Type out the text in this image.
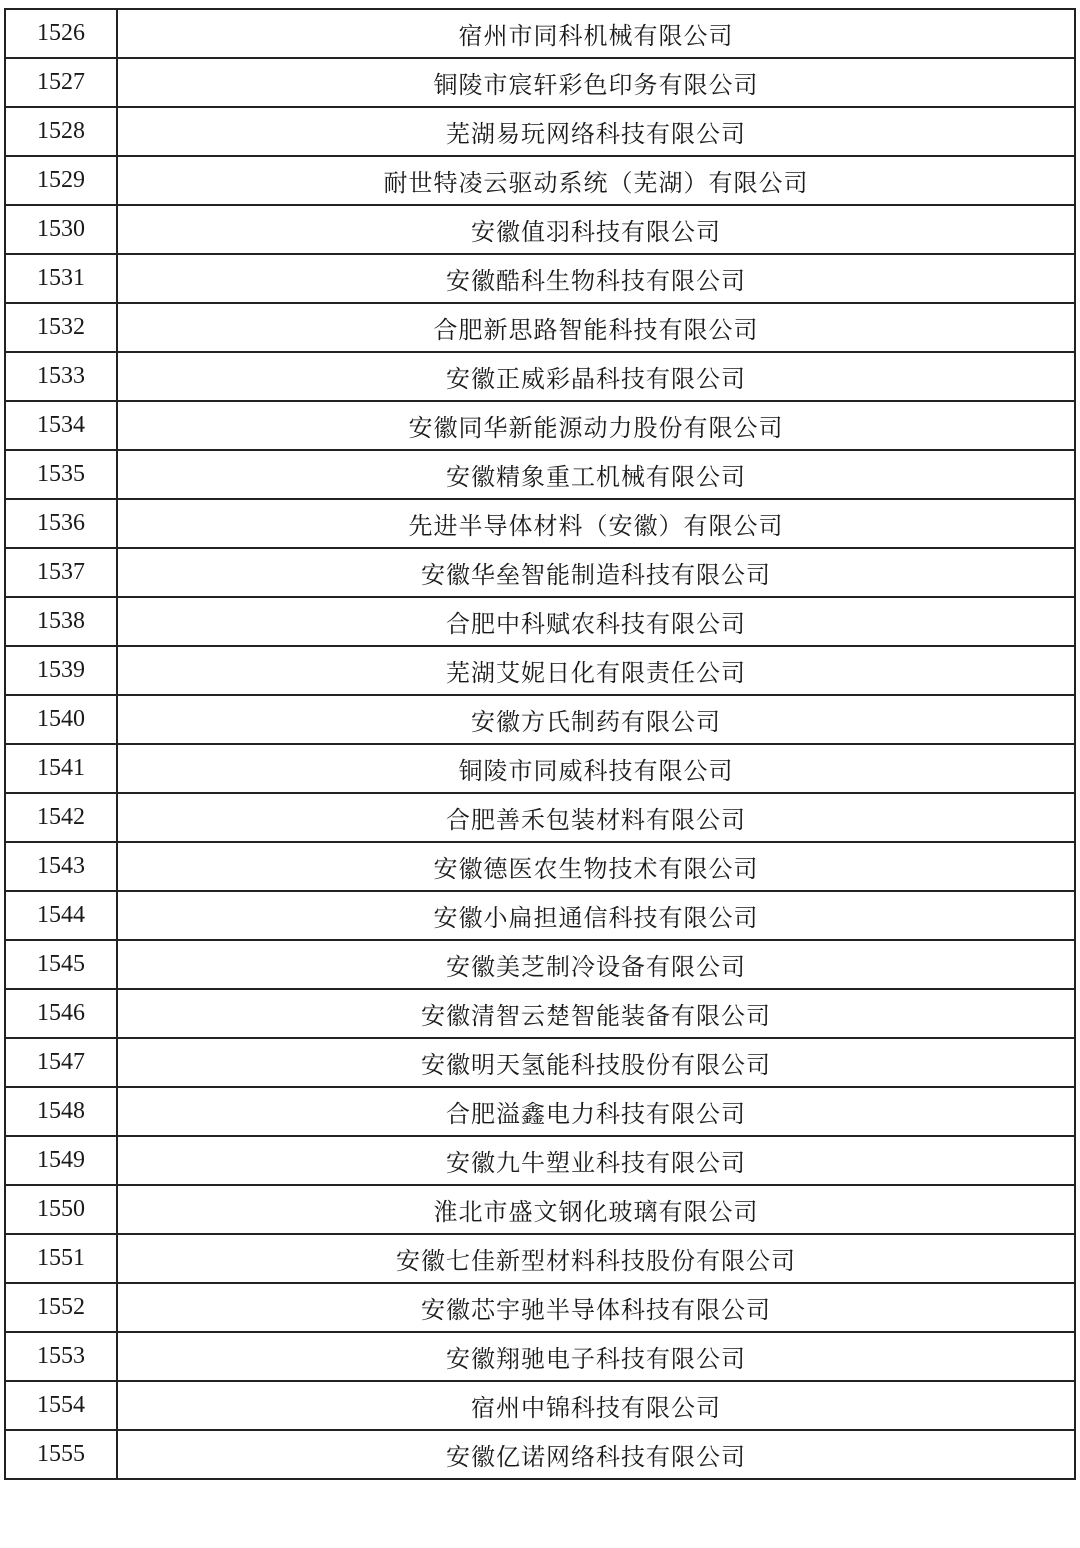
1526	宿州市同科机械有限公司
1527	铜陵市宸轩彩色印务有限公司
1528	芜湖易玩网络科技有限公司
1529	耐世特凌云驱动系统（芜湖）有限公司
1530	安徽值羽科技有限公司
1531	安徽酷科生物科技有限公司
1532	合肥新思路智能科技有限公司
1533	安徽正威彩晶科技有限公司
1534	安徽同华新能源动力股份有限公司
1535	安徽精象重工机械有限公司
1536	先进半导体材料（安徽）有限公司
1537	安徽华垒智能制造科技有限公司
1538	合肥中科赋农科技有限公司
1539	芜湖艾妮日化有限责任公司
1540	安徽方氏制药有限公司
1541	铜陵市同威科技有限公司
1542	合肥善禾包装材料有限公司
1543	安徽德医农生物技术有限公司
1544	安徽小扁担通信科技有限公司
1545	安徽美芝制冷设备有限公司
1546	安徽清智云楚智能装备有限公司
1547	安徽明天氢能科技股份有限公司
1548	合肥溢鑫电力科技有限公司
1549	安徽九牛塑业科技有限公司
1550	淮北市盛文钢化玻璃有限公司
1551	安徽七佳新型材料科技股份有限公司
1552	安徽芯宇驰半导体科技有限公司
1553	安徽翔驰电子科技有限公司
1554	宿州中锦科技有限公司
1555	安徽亿诺网络科技有限公司
